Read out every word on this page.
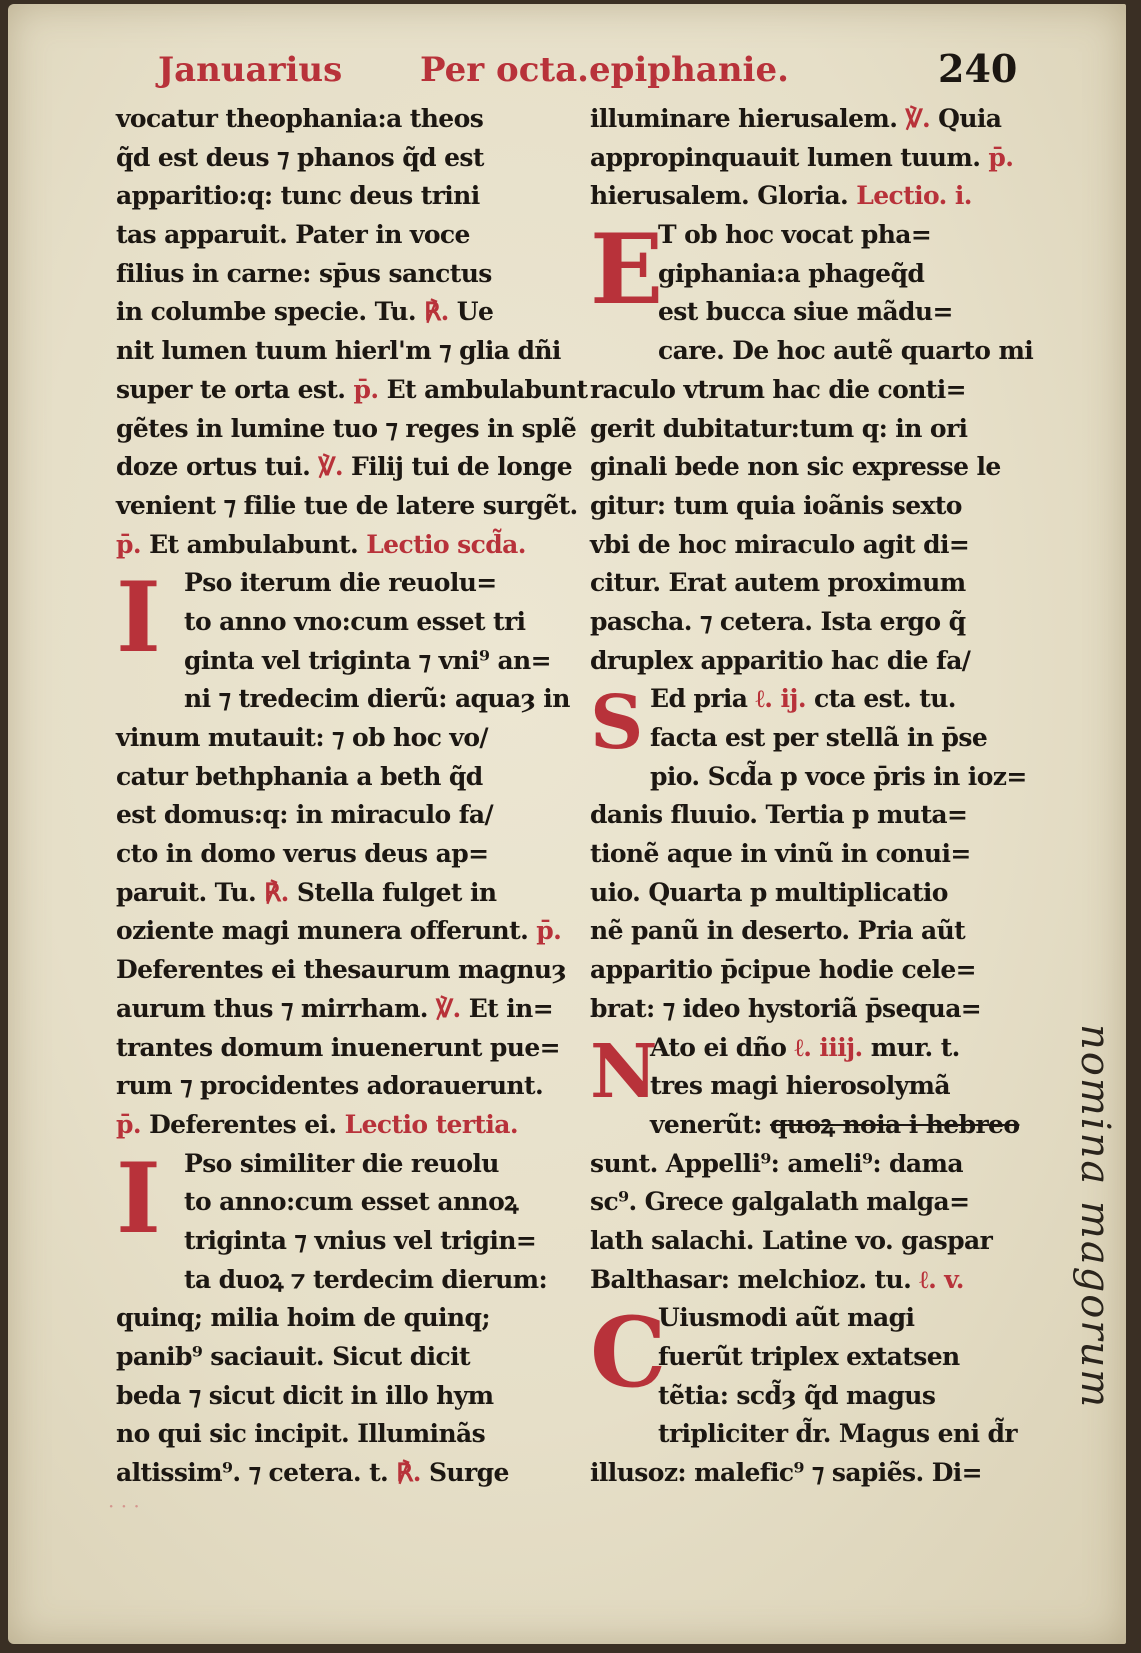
Januarius Per octa.epiphanie.	240
vocatur theophania:a theos
q̃d est deus ⁊ phanos q̃d est
apparitio:q: tunc deus trini
tas apparuit. Pater in voce
filius in carne: sp̄us sanctus
in columbe specie. Tu. ℟. Ue
nit lumen tuum hierl'm ⁊ glia dñi
super te orta est. p̄. Et ambulabunt
gẽtes in lumine tuo ⁊ reges in splẽ
doze ortus tui. ℣. Filij tui de longe
venient ⁊ filie tue de latere surgẽt.
p̄. Et ambulabunt. Lectio scd̃a.
I Pso iterum die reuolu=
to anno vno:cum esset tri
ginta vel triginta ⁊ vni⁹ an=
ni ⁊ tredecim dierũ: aquaȝ in
vinum mutauit: ⁊ ob hoc vo/
catur bethphania a beth q̃d
est domus:q: in miraculo fa/
cto in domo verus deus ap=
paruit. Tu. ℟. Stella fulget in
oziente magi munera offerunt. p̄.
Deferentes ei thesaurum magnuȝ
aurum thus ⁊ mirrham. ℣. Et in=
trantes domum inuenerunt pue=
rum ⁊ procidentes adorauerunt.
p̄. Deferentes ei. Lectio tertia.
I Pso similiter die reuolu
to anno:cum esset annoꝝ
triginta ⁊ vnius vel trigin=
ta duoꝝ ⁊ terdecim dierum:
quinq; milia hoim de quinq;
panib⁹ saciauit. Sicut dicit
beda ⁊ sicut dicit in illo hym
no qui sic incipit. Illuminãs
altissim⁹. ⁊ cetera. t. ℟. Surge
illuminare hierusalem. ℣. Quia
appropinquauit lumen tuum. p̄.
hierusalem. Gloria. Lectio. i.
E
T ob hoc vocat pha=
giphania:a phageq̃d
est bucca siue mãdu=
care. De hoc autẽ quarto mi
raculo vtrum hac die conti=
gerit dubitatur:tum q: in ori
ginali bede non sic expresse le
gitur: tum quia ioãnis sexto
vbi de hoc miraculo agit di=
citur. Erat autem proximum
pascha. ⁊ cetera. Ista ergo q̃
druplex apparitio hac die fa/
S Ed pria ℓ. ij. cta est. tu.
facta est per stellã in p̄se
pio. Scd̃a p voce p̄ris in ioz=
danis fluuio. Tertia p muta=
tionẽ aque in vinũ in conui=
uio. Quarta p multiplicatio
nẽ panũ in deserto. Pria aũt
apparitio p̄cipue hodie cele=
brat: ⁊ ideo hystoriã p̄sequa=
N
Ato ei dño ℓ. iiij. mur. t.
tres magi hierosolymã
venerũt: quoꝝ noia i hebreo
sunt. Appelli⁹: ameli⁹: dama
sc⁹. Grece galgalath malga=
lath salachi. Latine vo. gaspar
Balthasar: melchioz. tu. ℓ. v.
C
Uiusmodi aũt magi
fuerũt triplex extatsen
tẽtia: scd̃ȝ q̃d magus
tripliciter d̃r. Magus eni d̃r
illusoz: malefic⁹ ⁊ sapiẽs. Di=
nomina magorum
· · ·
